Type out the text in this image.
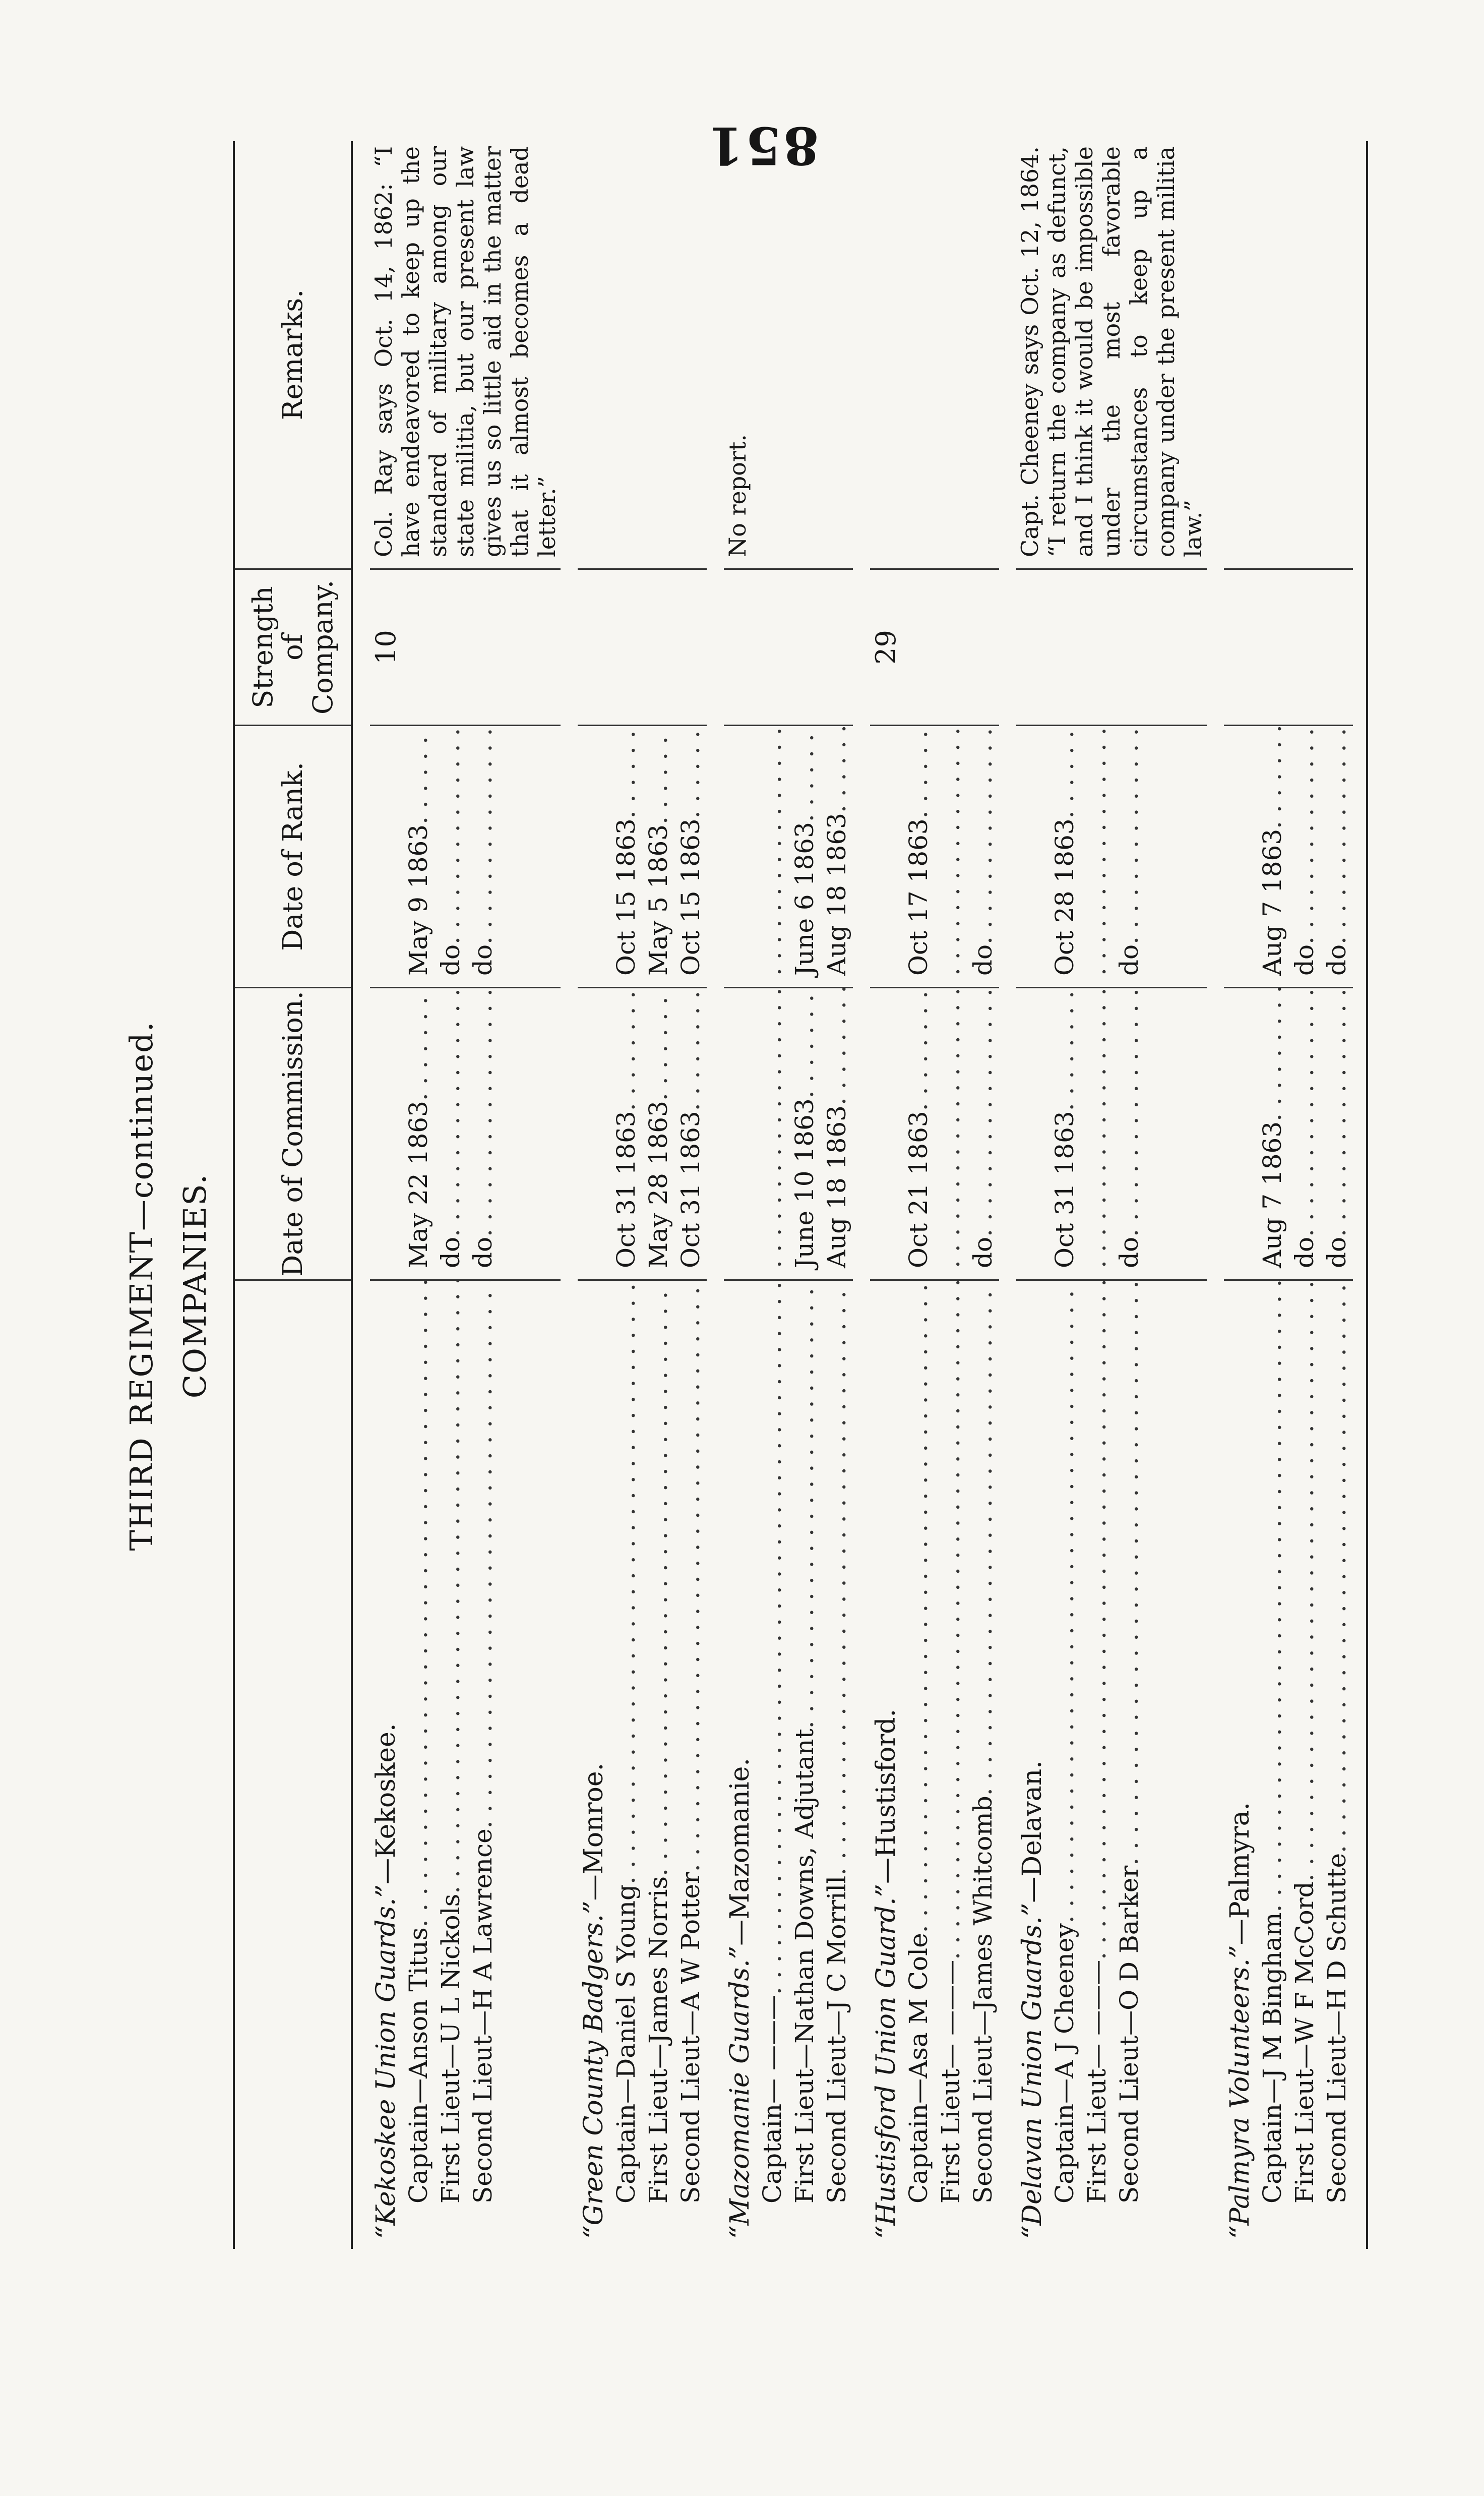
851
THIRD REGIMENT—continued. COMPANIES.
Date of Commission.
Date of Rank.
Strength of Company.
Remarks.
“Kekoskee Union Guards.”—Kekoskee.
Captain—Anson Titus
. . . First Lieut—U L Nickols
. . . Second Lieut—H A Lawrence
. . .
May 22 1863
. . . do
. . . do
. . .
May 9 1863
. . . do
. . . do
. . .
10
Col. Ray says Oct. 14, 1862: “I have endeavored to keep up the standard of military among our state militia, but our present law gives us so little aid in the matter that it almost becomes a dead letter.”
“Green County Badgers.”—Monroe.
Captain—Daniel S Young
. . . First Lieut—James Norris
. . . Second Lieut—A W Potter
. . .
Oct 31 1863
. . . May 28 1863
. . . Oct 31 1863
. . .
Oct 15 1863
. . . May 5 1863
. . . Oct 15 1863
. . .
“Mazomanie Guards.”—Mazomanie.
Captain— ——— . . . First Lieut—Nathan Downs, Adjutant
. . . Second Lieut—J C Morrill
. . .
. . .
June 10 1863
. . . Aug 18 1863
. . .
. . .
June 6 1863
. . . Aug 18 1863
. . .
No report.
“Hustisford Union Guard.”—Hustisford.
Captain—Asa M Cole
. . . First Lieut— ———
. . . Second Lieut—James Whitcomb
. . .
Oct 21 1863
. . . . . . do
. . .
Oct 17 1863
. . . . . . do
. . .
29
“Delavan Union Guards.”—Delavan.
Captain—A J Cheeney
. . . First Lieut— ———
. . . Second Lieut—O D Barker
. . .
Oct 31 1863
. . . . . . do
. . .
Oct 28 1863
. . . . . . do
. . .
Capt. Cheeney says Oct. 12, 1864. “I return the company as defunct, and I think it would be impossible under the most favorable circumstances to keep up a company under the present militia law.”
“Palmyra Volunteers.”—Palmyra.
Captain—J M Bingham
. . . First Lieut—W F McCord
. . . Second Lieut—H D Schutte
. . .
Aug 7 1863
. . . do
. . . do
. . .
Aug 7 1863
. . . do
. . . do
. . .
